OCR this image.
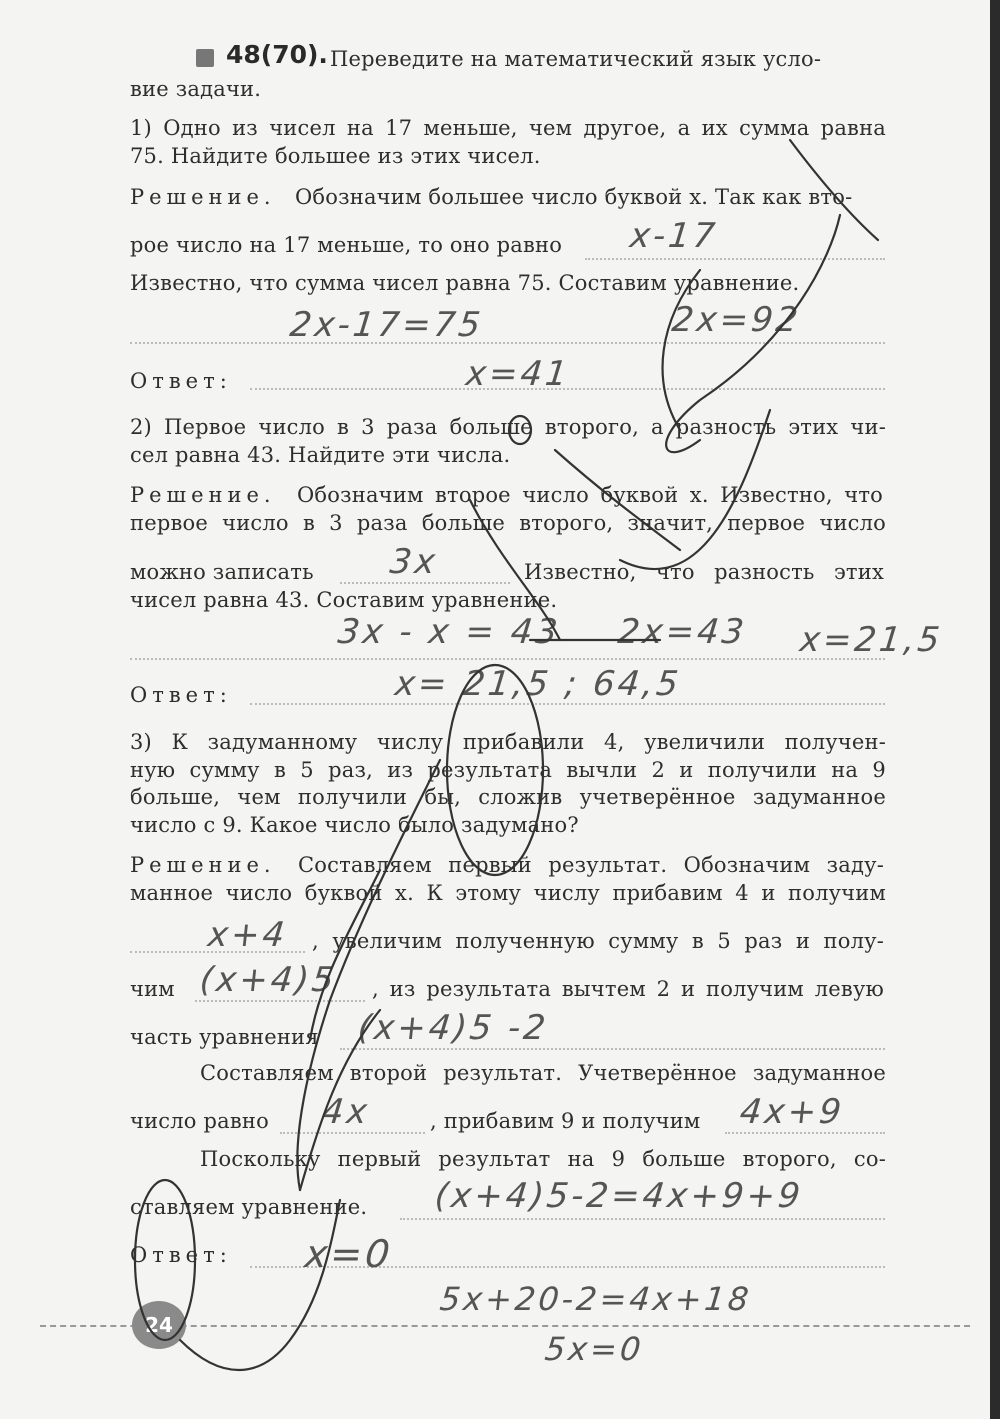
48(70). Переведите на математический язык усло-
вие задачи.
1) Одно из чисел на 17 меньше, чем другое, а их сумма равна
75. Найдите большее из этих чисел.
Решение. Обозначим большее число буквой x. Так как вто-
рое число на 17 меньше, то оно равно x-17
Известно, что сумма чисел равна 75. Составим уравнение.
2x-17=75	2x=92
Ответ:	x=41
2) Первое число в 3 раза больше второго, а разность этих чи-
сел равна 43. Найдите эти числа.
Решение. Обозначим второе число буквой x. Известно, что
первое число в 3 раза больше второго, значит, первое число
можно записать 3x	Известно, что разность этих
чисел равна 43. Составим уравнение.
3x - x = 43 2x=43 x=21,5
Ответ:	x= 21,5 ; 64,5
3) К задуманному числу прибавили 4, увеличили получен-
ную сумму в 5 раз, из результата вычли 2 и получили на 9
больше, чем получили бы, сложив учетверённое задуманное
число с 9. Какое число было задумано?
Решение. Составляем первый результат. Обозначим заду-
манное число буквой x. К этому числу прибавим 4 и получим
x+4 , увеличим полученную сумму в 5 раз и полу-
чим (x+4)5 , из результата вычтем 2 и получим левую
часть уравнения (x+4)5 -2
Составляем второй результат. Учетверённое задуманное
число равно 4x	, прибавим 9 и получим 4x+9
Поскольку первый результат на 9 больше второго, со-
ставляем уравнение. (x+4)5-2=4x+9+9
Ответ: x=0
5x+20-2=4x+18
5x=0
24
